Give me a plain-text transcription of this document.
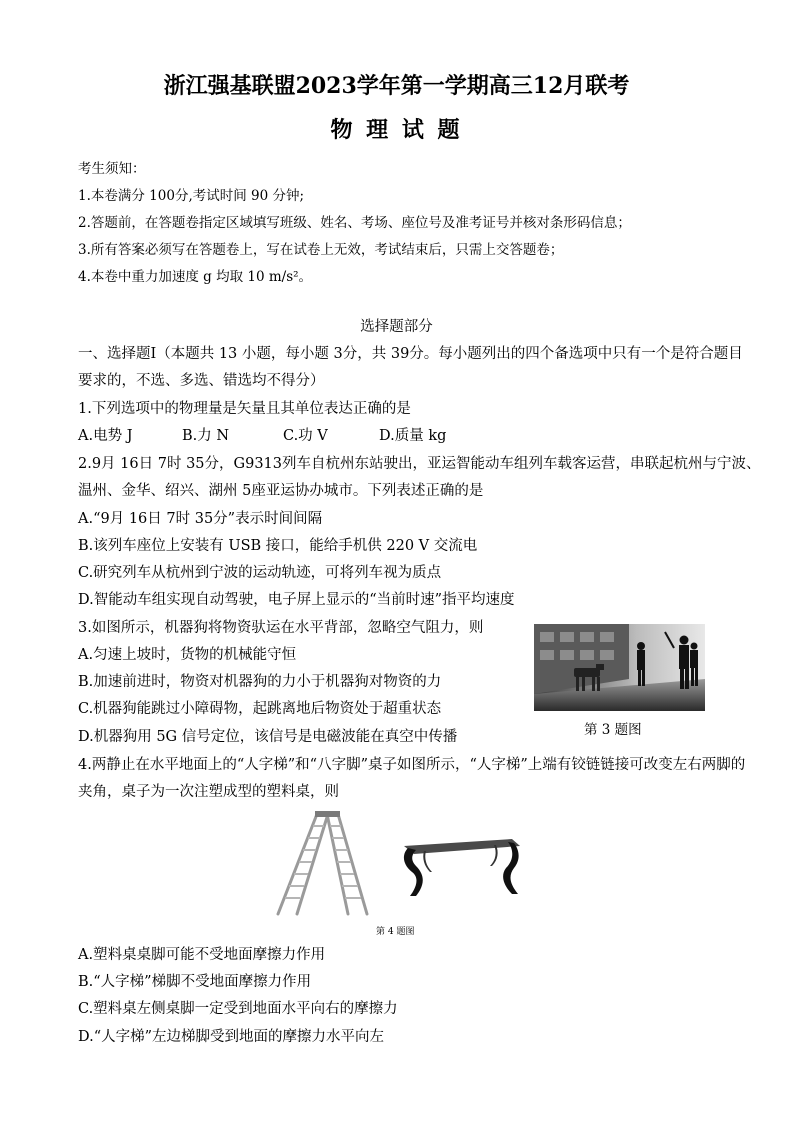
浙江强基联盟2023学年第一学期高三12月联考
物 理 试 题
考生须知：
1.本卷满分 100分,考试时间 90 分钟;
2.答题前，在答题卷指定区域填写班级、姓名、考场、座位号及准考证号并核对条形码信息；
3.所有答案必须写在答题卷上，写在试卷上无效，考试结束后，只需上交答题卷；
4.本卷中重力加速度 g 均取 10 m/s²。
选择题部分
一、选择题Ⅰ（本题共 13 小题，每小题 3分，共 39分。每小题列出的四个备选项中只有一个是符合题目
要求的，不选、多选、错选均不得分）
1.下列选项中的物理量是矢量且其单位表达正确的是
A.电势 J	B.力 N	C.功 V	D.质量 kg
2.9月 16日 7时 35分，G9313列车自杭州东站驶出，亚运智能动车组列车载客运营，串联起杭州与宁波、
温州、金华、绍兴、湖州 5座亚运协办城市。下列表述正确的是
A.“9月 16日 7时 35分”表示时间间隔
B.该列车座位上安装有 USB 接口，能给手机供 220 V 交流电
C.研究列车从杭州到宁波的运动轨迹，可将列车视为质点
D.智能动车组实现自动驾驶，电子屏上显示的“当前时速”指平均速度
3.如图所示，机器狗将物资驮运在水平背部，忽略空气阻力，则
A.匀速上坡时，货物的机械能守恒
B.加速前进时，物资对机器狗的力小于机器狗对物资的力
C.机器狗能跳过小障碍物，起跳离地后物资处于超重状态
D.机器狗用 5G 信号定位，该信号是电磁波能在真空中传播	第 3 题图
4.两静止在水平地面上的“人字梯”和“八字脚”桌子如图所示，“人字梯”上端有铰链链接可改变左右两脚的
夹角，桌子为一次注塑成型的塑料桌，则
第 4 题图
A.塑料桌桌脚可能不受地面摩擦力作用
B.“人字梯”梯脚不受地面摩擦力作用
C.塑料桌左侧桌脚一定受到地面水平向右的摩擦力
D.“人字梯”左边梯脚受到地面的摩擦力水平向左
